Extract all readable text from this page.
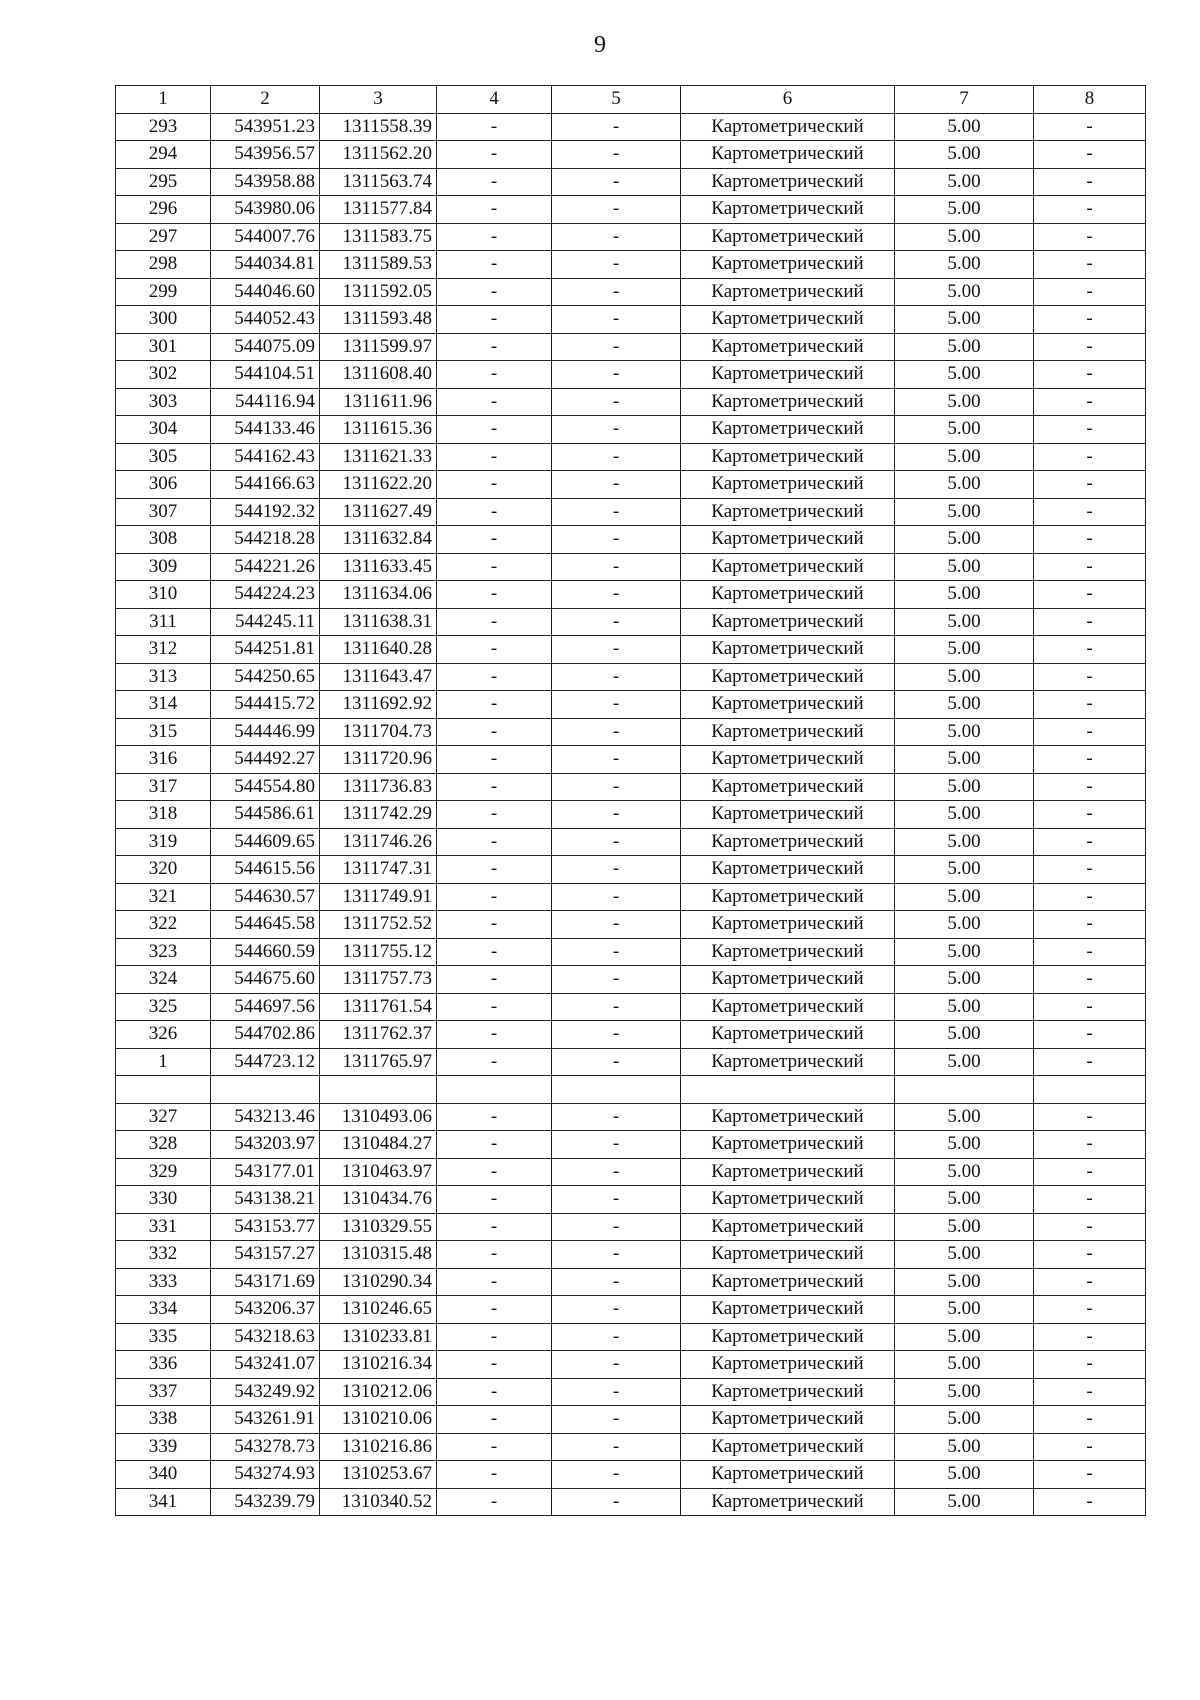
9
1	2	3	4	5	6	7	8
293	543951.23	1311558.39	-	-	Картометрический	5.00	-
294	543956.57	1311562.20	-	-	Картометрический	5.00	-
295	543958.88	1311563.74	-	-	Картометрический	5.00	-
296	543980.06	1311577.84	-	-	Картометрический	5.00	-
297	544007.76	1311583.75	-	-	Картометрический	5.00	-
298	544034.81	1311589.53	-	-	Картометрический	5.00	-
299	544046.60	1311592.05	-	-	Картометрический	5.00	-
300	544052.43	1311593.48	-	-	Картометрический	5.00	-
301	544075.09	1311599.97	-	-	Картометрический	5.00	-
302	544104.51	1311608.40	-	-	Картометрический	5.00	-
303	544116.94	1311611.96	-	-	Картометрический	5.00	-
304	544133.46	1311615.36	-	-	Картометрический	5.00	-
305	544162.43	1311621.33	-	-	Картометрический	5.00	-
306	544166.63	1311622.20	-	-	Картометрический	5.00	-
307	544192.32	1311627.49	-	-	Картометрический	5.00	-
308	544218.28	1311632.84	-	-	Картометрический	5.00	-
309	544221.26	1311633.45	-	-	Картометрический	5.00	-
310	544224.23	1311634.06	-	-	Картометрический	5.00	-
311	544245.11	1311638.31	-	-	Картометрический	5.00	-
312	544251.81	1311640.28	-	-	Картометрический	5.00	-
313	544250.65	1311643.47	-	-	Картометрический	5.00	-
314	544415.72	1311692.92	-	-	Картометрический	5.00	-
315	544446.99	1311704.73	-	-	Картометрический	5.00	-
316	544492.27	1311720.96	-	-	Картометрический	5.00	-
317	544554.80	1311736.83	-	-	Картометрический	5.00	-
318	544586.61	1311742.29	-	-	Картометрический	5.00	-
319	544609.65	1311746.26	-	-	Картометрический	5.00	-
320	544615.56	1311747.31	-	-	Картометрический	5.00	-
321	544630.57	1311749.91	-	-	Картометрический	5.00	-
322	544645.58	1311752.52	-	-	Картометрический	5.00	-
323	544660.59	1311755.12	-	-	Картометрический	5.00	-
324	544675.60	1311757.73	-	-	Картометрический	5.00	-
325	544697.56	1311761.54	-	-	Картометрический	5.00	-
326	544702.86	1311762.37	-	-	Картометрический	5.00	-
1	544723.12	1311765.97	-	-	Картометрический	5.00	-

327	543213.46	1310493.06	-	-	Картометрический	5.00	-
328	543203.97	1310484.27	-	-	Картометрический	5.00	-
329	543177.01	1310463.97	-	-	Картометрический	5.00	-
330	543138.21	1310434.76	-	-	Картометрический	5.00	-
331	543153.77	1310329.55	-	-	Картометрический	5.00	-
332	543157.27	1310315.48	-	-	Картометрический	5.00	-
333	543171.69	1310290.34	-	-	Картометрический	5.00	-
334	543206.37	1310246.65	-	-	Картометрический	5.00	-
335	543218.63	1310233.81	-	-	Картометрический	5.00	-
336	543241.07	1310216.34	-	-	Картометрический	5.00	-
337	543249.92	1310212.06	-	-	Картометрический	5.00	-
338	543261.91	1310210.06	-	-	Картометрический	5.00	-
339	543278.73	1310216.86	-	-	Картометрический	5.00	-
340	543274.93	1310253.67	-	-	Картометрический	5.00	-
341	543239.79	1310340.52	-	-	Картометрический	5.00	-
